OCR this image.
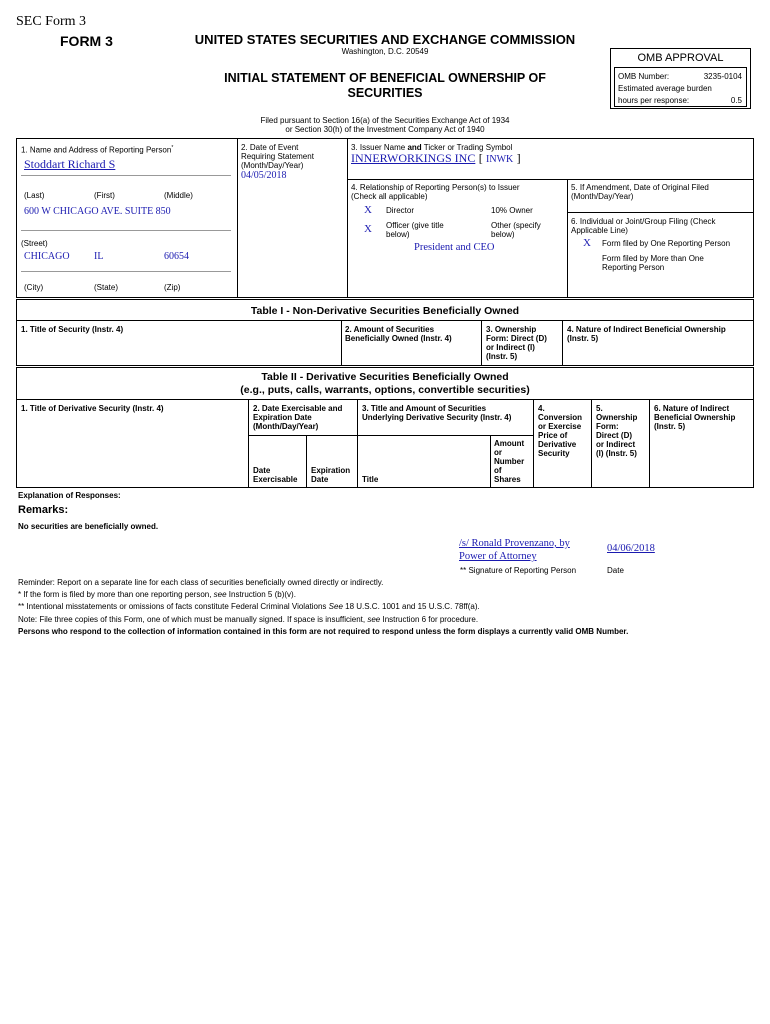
SEC Form 3
FORM 3	UNITED STATES SECURITIES AND EXCHANGE COMMISSION
Washington, D.C. 20549
INITIAL STATEMENT OF BENEFICIAL OWNERSHIP OF
SECURITIES
OMB APPROVAL
OMB Number:	3235-0104
Estimated average burden
hours per response:	0.5
Filed pursuant to Section 16(a) of the Securities Exchange Act of 1934
or Section 30(h) of the Investment Company Act of 1940
1. Name and Address of Reporting Person*
Stoddart Richard S
(Last)	(First)	(Middle)
600 W CHICAGO AVE. SUITE 850
(Street)
CHICAGO IL	60654
(City)	(State)	(Zip)
2. Date of Event
Requiring Statement
(Month/Day/Year)
04/05/2018
3. Issuer Name and Ticker or Trading Symbol
INNERWORKINGS INC [ INWK ]
4. Relationship of Reporting Person(s) to Issuer
(Check all applicable)
X Director	10% Owner
X Officer (give title
below)
Other (specify
below)
President and CEO
5. If Amendment, Date of Original Filed
(Month/Day/Year)
6. Individual or Joint/Group Filing (Check
Applicable Line)
X Form filed by One Reporting Person
Form filed by More than One
Reporting Person
Table I - Non-Derivative Securities Beneficially Owned
1. Title of Security (Instr. 4)	2. Amount of Securities
Beneficially Owned (Instr. 4)
3. Ownership
Form: Direct (D)
or Indirect (I)
(Instr. 5)
4. Nature of Indirect Beneficial Ownership
(Instr. 5)
Table II - Derivative Securities Beneficially Owned
(e.g., puts, calls, warrants, options, convertible securities)
1. Title of Derivative Security (Instr. 4)	2. Date Exercisable and
Expiration Date
(Month/Day/Year)
Date
Exercisable
Expiration
Date
3. Title and Amount of Securities
Underlying Derivative Security (Instr. 4)
Title
Amount
or
Number
of
Shares
4.
Conversion
or Exercise
Price of
Derivative
Security
5.
Ownership
Form:
Direct (D)
or Indirect
(I) (Instr. 5)
6. Nature of Indirect
Beneficial Ownership
(Instr. 5)
Explanation of Responses:
Remarks:
No securities are beneficially owned.
/s/ Ronald Provenzano, by
Power of Attorney
04/06/2018
** Signature of Reporting Person	Date
Reminder: Report on a separate line for each class of securities beneficially owned directly or indirectly.
* If the form is filed by more than one reporting person, see Instruction 5 (b)(v).
** Intentional misstatements or omissions of facts constitute Federal Criminal Violations See 18 U.S.C. 1001 and 15 U.S.C. 78ff(a).
Note: File three copies of this Form, one of which must be manually signed. If space is insufficient, see Instruction 6 for procedure.
Persons who respond to the collection of information contained in this form are not required to respond unless the form displays a currently valid OMB Number.
